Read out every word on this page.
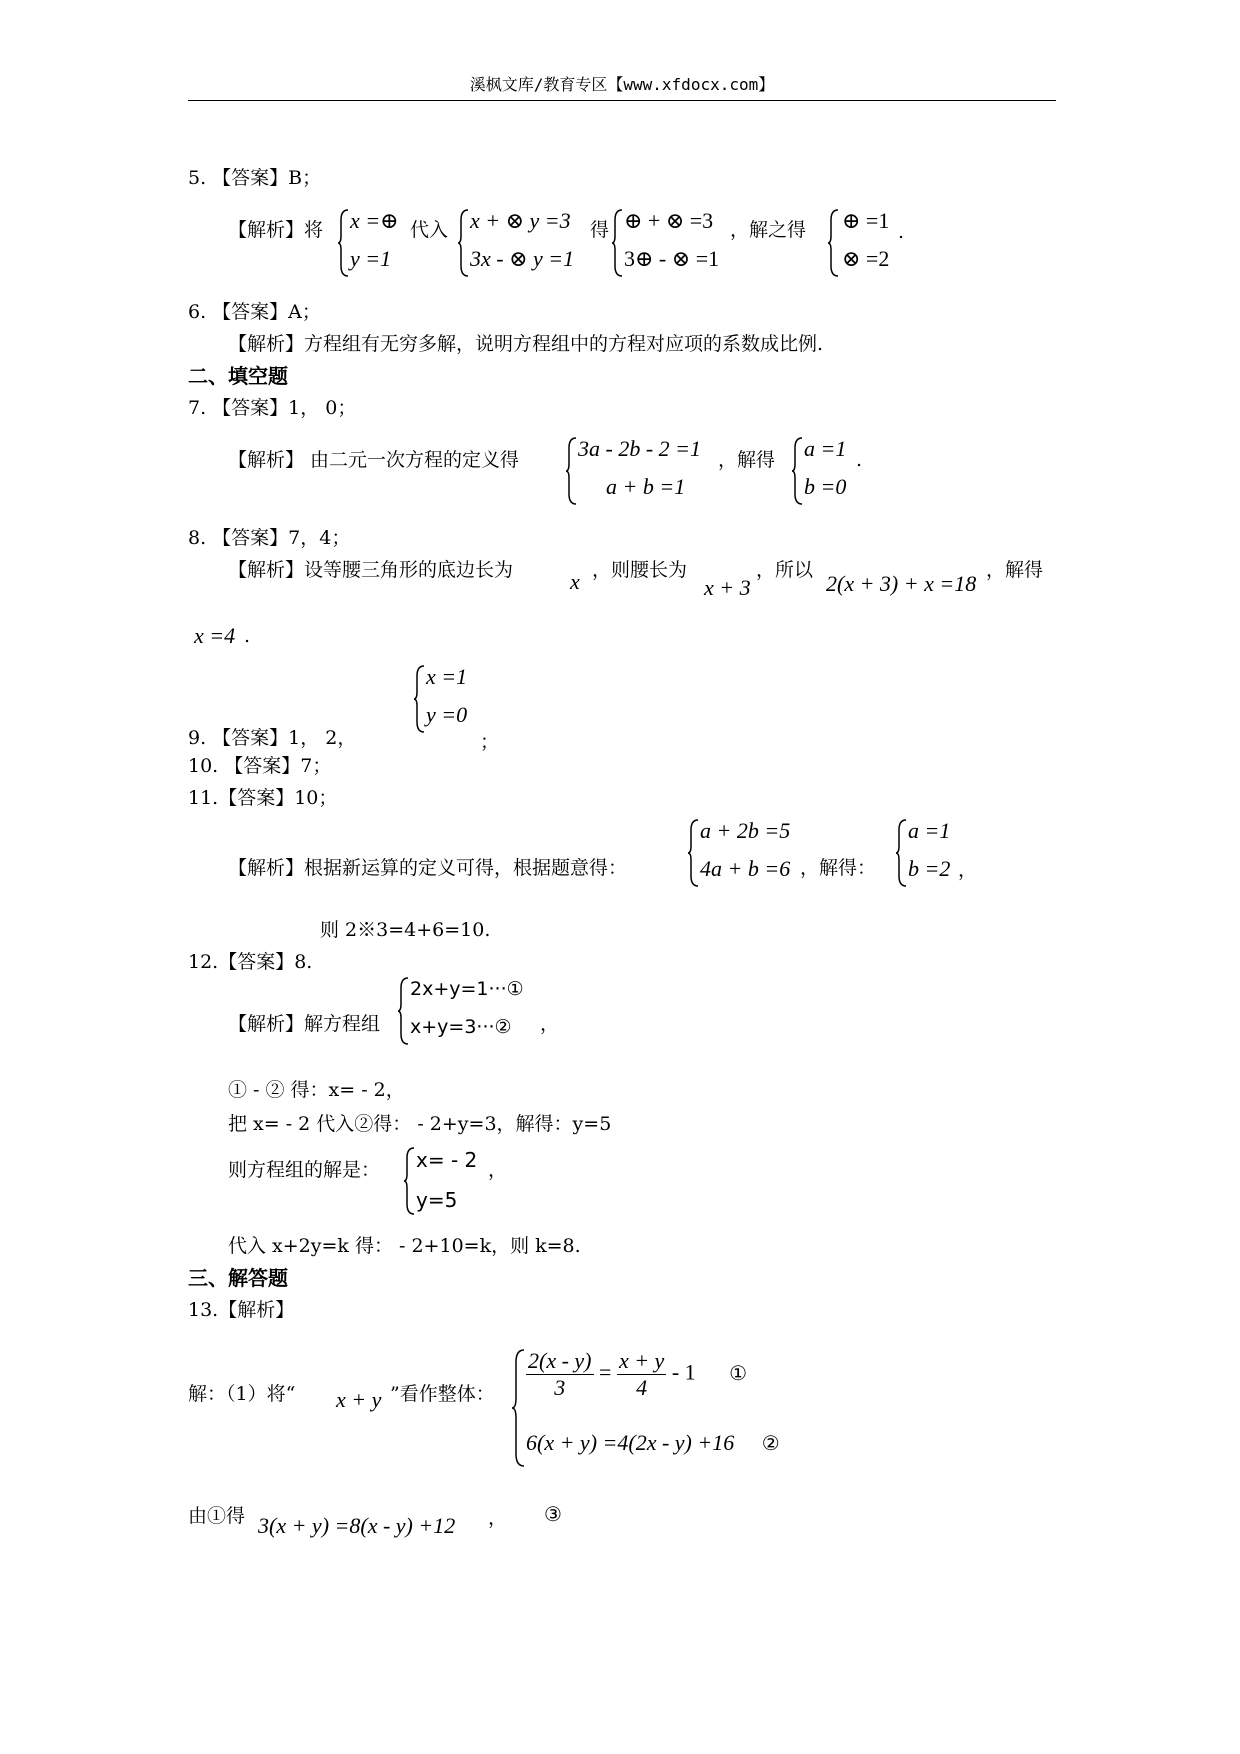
溪枫文库/教育专区【www.xfdocx.com】
5. 【答案】B；
【解析】将 x =⊕
y =1
代入 x + ⊗ y =3
3x - ⊗ y =1
得 ⊕ + ⊗ =3
3⊕ - ⊗ =1
，解之得 ⊕ =1
⊗ =2
.
6. 【答案】A；
【解析】方程组有无穷多解，说明方程组中的方程对应项的系数成比例.
二、填空题
7. 【答案】1， 0；
【解析】 由二元一次方程的定义得	3a - 2b - 2 =1
a + b =1
，解得 a =1
b =0
.
8. 【答案】7，4；
【解析】设等腰三角形的底边长为	x ，则腰长为
x + 3
，所以
2(x + 3) + x =18
，解得
x =4 .
x =1
y =0
9. 【答案】1， 2，	；
10. 【答案】7；
11.【答案】10；
【解析】根据新运算的定义可得，根据题意得：
a + 2b =5
4a + b =6 ，解得：
a =1
b =2 ，
则 2※3=4+6=10.
12.【答案】8.
【解析】解方程组
2x+y=1···①
x+y=3···② ，
① - ② 得：x= - 2，
把 x= - 2 代入②得： - 2+y=3，解得：y=5
则方程组的解是： x= - 2
y=5
，
代入 x+2y=k 得： - 2+10=k，则 k=8.
三、解答题
13.【解析】
解：（1）将“ x + y ”看作整体： $\frac{2(x - y)}{3} = \frac{x + y}{4} - 1$ ①
6(x + y) =4(2x - y) +16 ②
由①得 3(x + y) =8(x - y) +12 ， ③
